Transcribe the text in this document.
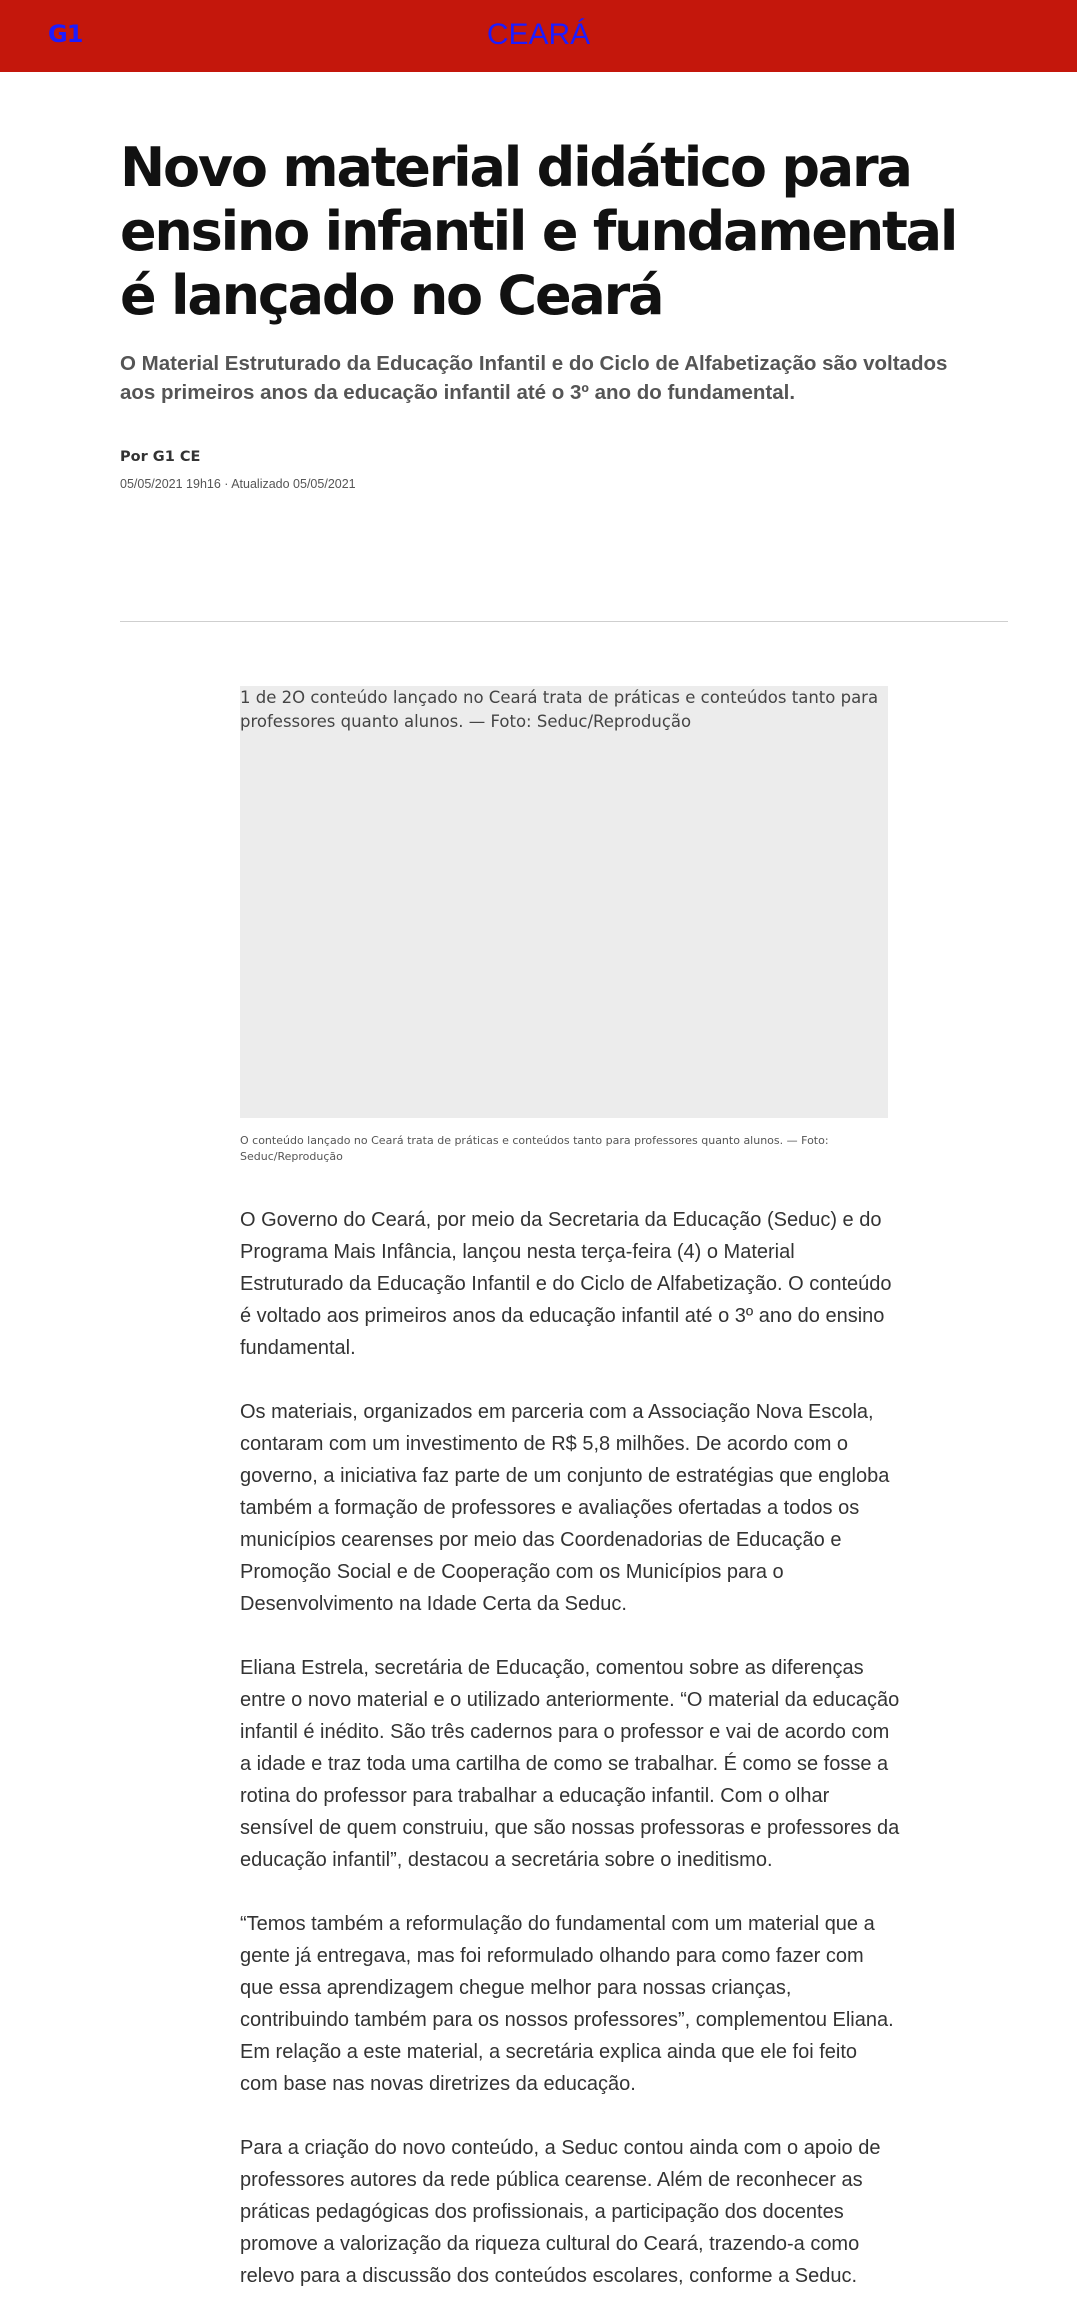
G1	CEARÁ
Novo material didático para ensino infantil e fundamental é lançado no Ceará
O Material Estruturado da Educação Infantil e do Ciclo de Alfabetização são voltados aos primeiros anos da educação infantil até o 3º ano do fundamental.
Por G1 CE
05/05/2021 19h16 · Atualizado 05/05/2021

1 de 2O conteúdo lançado no Ceará trata de práticas e conteúdos tanto para professores quanto alunos. — Foto: Seduc/Reprodução

O conteúdo lançado no Ceará trata de práticas e conteúdos tanto para professores quanto alunos. — Foto: Seduc/Reprodução

O Governo do Ceará, por meio da Secretaria da Educação (Seduc) e do Programa Mais Infância, lançou nesta terça-feira (4) o Material Estruturado da Educação Infantil e do Ciclo de Alfabetização. O conteúdo é voltado aos primeiros anos da educação infantil até o 3º ano do ensino fundamental.

Os materiais, organizados em parceria com a Associação Nova Escola, contaram com um investimento de R$ 5,8 milhões. De acordo com o governo, a iniciativa faz parte de um conjunto de estratégias que engloba também a formação de professores e avaliações ofertadas a todos os municípios cearenses por meio das Coordenadorias de Educação e Promoção Social e de Cooperação com os Municípios para o Desenvolvimento na Idade Certa da Seduc.

Eliana Estrela, secretária de Educação, comentou sobre as diferenças entre o novo material e o utilizado anteriormente. “O material da educação infantil é inédito. São três cadernos para o professor e vai de acordo com a idade e traz toda uma cartilha de como se trabalhar. É como se fosse a rotina do professor para trabalhar a educação infantil. Com o olhar sensível de quem construiu, que são nossas professoras e professores da educação infantil”, destacou a secretária sobre o ineditismo.

“Temos também a reformulação do fundamental com um material que a gente já entregava, mas foi reformulado olhando para como fazer com que essa aprendizagem chegue melhor para nossas crianças, contribuindo também para os nossos professores”, complementou Eliana. Em relação a este material, a secretária explica ainda que ele foi feito com base nas novas diretrizes da educação.

Para a criação do novo conteúdo, a Seduc contou ainda com o apoio de professores autores da rede pública cearense. Além de reconhecer as práticas pedagógicas dos profissionais, a participação dos docentes promove a valorização da riqueza cultural do Ceará, trazendo-a como relevo para a discussão dos conteúdos escolares, conforme a Seduc.
